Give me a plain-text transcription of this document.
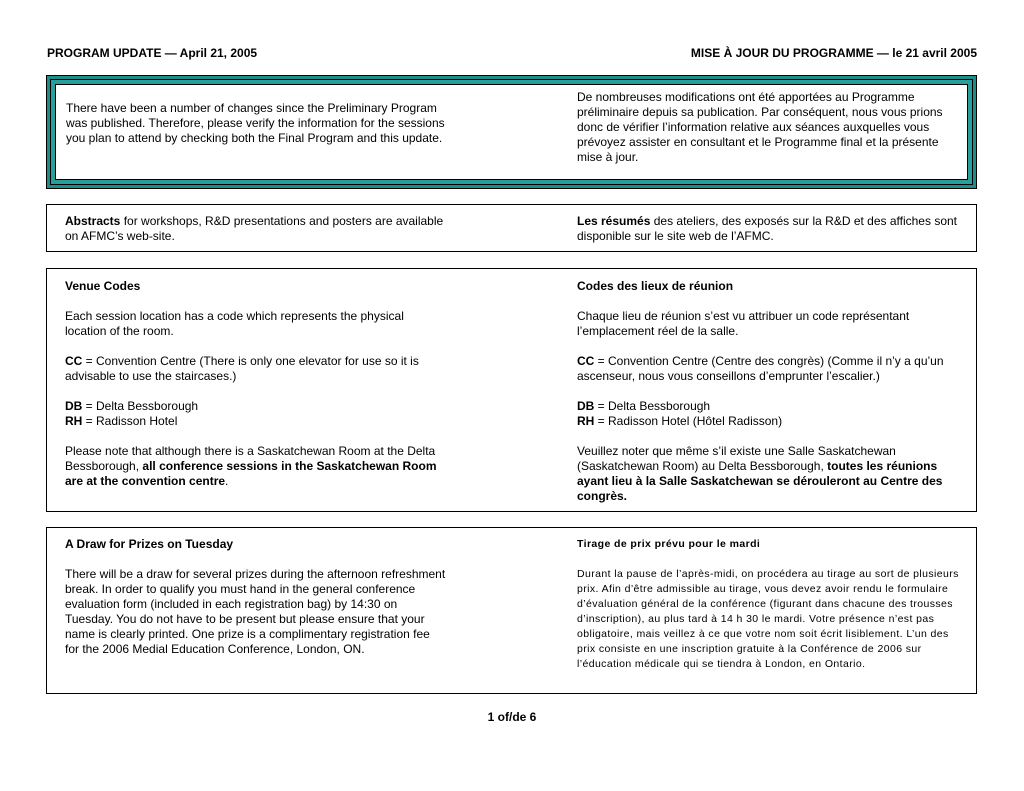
PROGRAM UPDATE — April 21, 2005	MISE À JOUR DU PROGRAMME — le 21 avril 2005
There have been a number of changes since the Preliminary Program was published. Therefore, please verify the information for the sessions you plan to attend by checking both the Final Program and this update.
De nombreuses modifications ont été apportées au Programme préliminaire depuis sa publication. Par conséquent, nous vous prions donc de vérifier l’information relative aux séances auxquelles vous prévoyez assister en consultant et le Programme final et la présente mise à jour.
Abstracts for workshops, R&D presentations and posters are available on AFMC’s web-site.
Les résumés des ateliers, des exposés sur la R&D et des affiches sont disponible sur le site web de l’AFMC.

Venue Codes

Each session location has a code which represents the physical location of the room.

CC = Convention Centre (There is only one elevator for use so it is advisable to use the staircases.)

DB = Delta Bessborough

RH = Radisson Hotel

Please note that although there is a Saskatchewan Room at the Delta Bessborough, all conference sessions in the Saskatchewan Room are at the convention centre.

Codes des lieux de réunion

Chaque lieu de réunion s’est vu attribuer un code représentant l’emplacement réel de la salle.

CC = Convention Centre (Centre des congrès) (Comme il n’y a qu’un ascenseur, nous vous conseillons d’emprunter l’escalier.)

DB = Delta Bessborough

RH = Radisson Hotel (Hôtel Radisson)

Veuillez noter que même s’il existe une Salle Saskatchewan (Saskatchewan Room) au Delta Bessborough, toutes les réunions ayant lieu à la Salle Saskatchewan se dérouleront au Centre des congrès.

A Draw for Prizes on Tuesday

There will be a draw for several prizes during the afternoon refreshment break. In order to qualify you must hand in the general conference evaluation form (included in each registration bag) by 14:30 on Tuesday. You do not have to be present but please ensure that your name is clearly printed. One prize is a complimentary registration fee for the 2006 Medial Education Conference, London, ON.

Tirage de prix prévu pour le mardi

Durant la pause de l’après-midi, on procédera au tirage au sort de plusieurs prix. Afin d’être admissible au tirage, vous devez avoir rendu le formulaire d’évaluation général de la conférence (figurant dans chacune des trousses d’inscription), au plus tard à 14 h 30 le mardi. Votre présence n’est pas obligatoire, mais veillez à ce que votre nom soit écrit lisiblement. L’un des prix consiste en une inscription gratuite à la Conférence de 2006 sur l’éducation médicale qui se tiendra à London, en Ontario.

1 of/de 6
